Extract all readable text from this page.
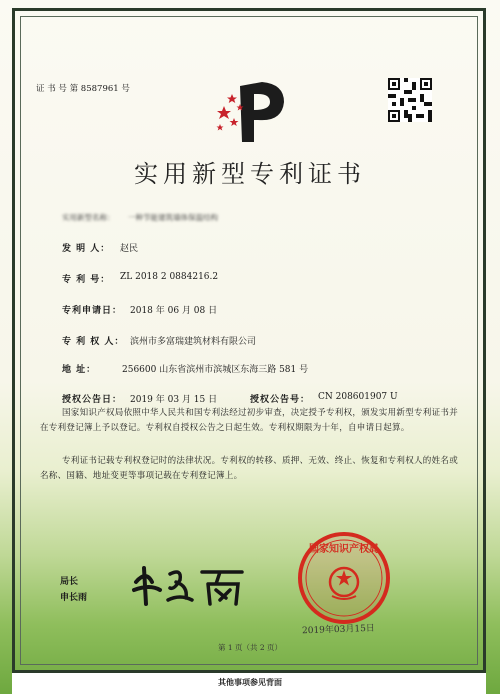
证 书 号 第 8587961 号
实用新型专利证书
实用新型名称： 一种节能建筑墙体保温结构
发 明 人： 赵民
专 利 号： ZL 2018 2 0884216.2
专利申请日： 2018 年 06 月 08 日
专 利 权 人： 滨州市多富瑞建筑材料有限公司
地 址：	256600 山东省滨州市滨城区东海三路 581 号
授权公告日： 2019 年 03 月 15 日	授权公告号： CN 208601907 U
国家知识产权局依照中华人民共和国专利法经过初步审查，决定授予专利权，颁发实用新型专利证书并在专利登记簿上予以登记。专利权自授权公告之日起生效。专利权期限为十年，自申请日起算。
专利证书记载专利权登记时的法律状况。专利权的转移、质押、无效、终止、恢复和专利权人的姓名或名称、国籍、地址变更等事项记载在专利登记簿上。
局长
申长雨
国家知识产权局
2019年03月15日
第 1 页（共 2 页）
其他事项参见背面
